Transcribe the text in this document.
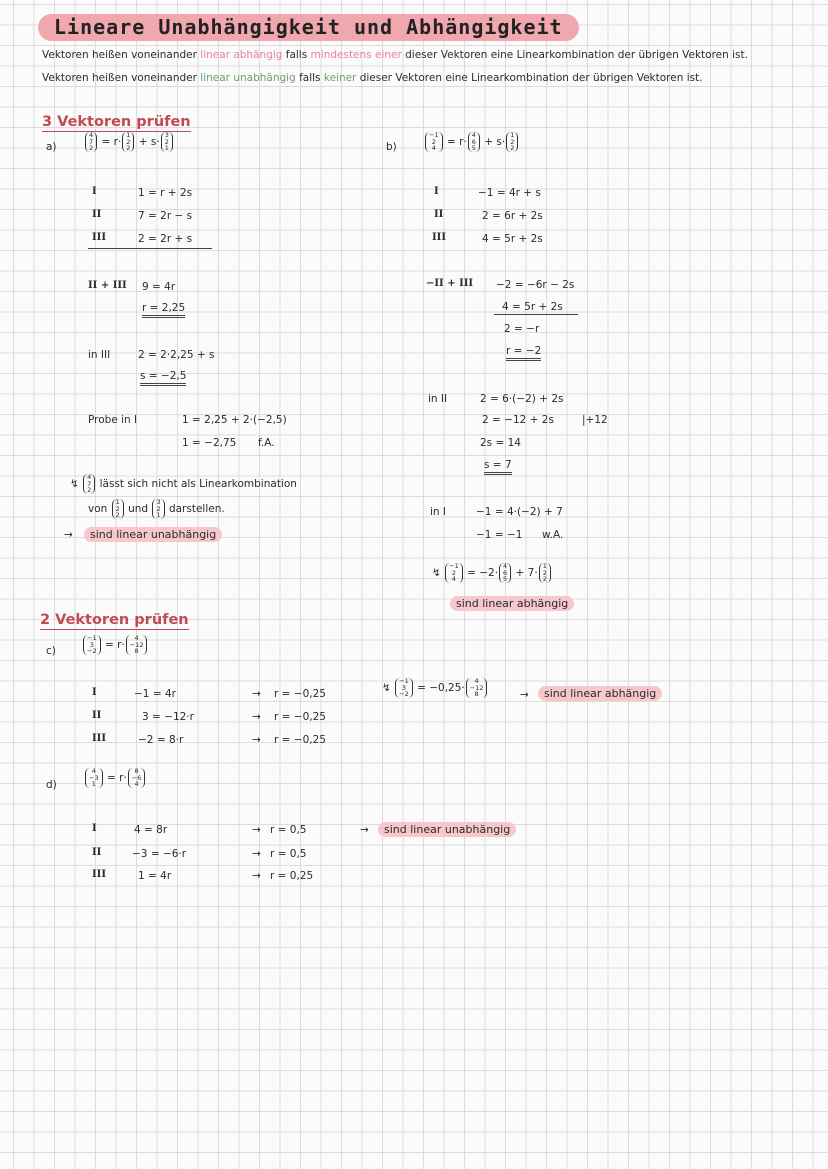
Lineare Unabhängigkeit und Abhängigkeit
Vektoren heißen voneinander linear abhängig falls mindestens einer dieser Vektoren eine Linearkombination der übrigen Vektoren ist.
Vektoren heißen voneinander linear unabhängig falls keiner dieser Vektoren eine Linearkombination der übrigen Vektoren ist.
3 Vektoren prüfen
a)
4
7
2
= r·
1
2
2
+ s·
3
2
1
I	1 = r + 2s
II	7 = 2r − s
III	2 = 2r + s
II + III 9 = 4r
r = 2,25
in III	2 = 2·2,25 + s
s = −2,5
Probe in I	1 = 2,25 + 2·(−2,5)
1 = −2,75 f.A.
↯
4
7
2
lässt sich nicht als Linearkombination
von
1
2
2
und
3
2
1
darstellen.
→	sind linear unabhängig
b)
−1
2
4
= r·
4
6
5
+ s·
1
2
2
I	−1 = 4r + s
II	2 = 6r + 2s
III	4 = 5r + 2s
−II + III −2 = −6r − 2s
4 = 5r + 2s
2 = −r
r = −2
in II	2 = 6·(−2) + 2s
2 = −12 + 2s	|+12
2s = 14
s = 7
in I	−1 = 4·(−2) + 7
−1 = −1 w.A.
↯
−1
2
4
= −2·
4
6
5
+ 7·
1
2
2
sind linear abhängig
2 Vektoren prüfen
c)
−1
3
−2
= r·
4
−12
8
I	−1 = 4r	→ r = −0,25
II	3 = −12·r	→ r = −0,25
III	−2 = 8·r	→ r = −0,25
↯
−1
3
−2
= −0,25·
4
−12
8	→	sind linear abhängig
d)
4
−3
1
= r·
8
−6
4
I	4 = 8r	→ r = 0,5
II	−3 = −6·r	→ r = 0,5
III	1 = 4r	→ r = 0,25
→	sind linear unabhängig
